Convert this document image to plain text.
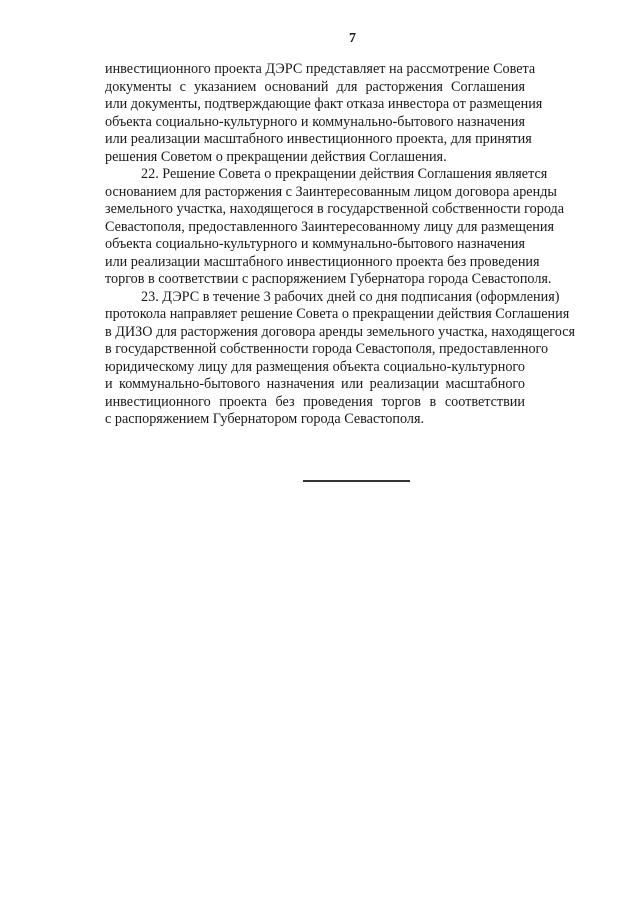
7
инвестиционного проекта ДЭРС представляет на рассмотрение Совета
документы с указанием оснований для расторжения Соглашения
или документы, подтверждающие факт отказа инвестора от размещения
объекта социально-культурного и коммунально-бытового назначения
или реализации масштабного инвестиционного проекта, для принятия
решения Советом о прекращении действия Соглашения.
22. Решение Совета о прекращении действия Соглашения является
основанием для расторжения с Заинтересованным лицом договора аренды
земельного участка, находящегося в государственной собственности города
Севастополя, предоставленного Заинтересованному лицу для размещения
объекта социально-культурного и коммунально-бытового назначения
или реализации масштабного инвестиционного проекта без проведения
торгов в соответствии с распоряжением Губернатора города Севастополя.
23. ДЭРС в течение 3 рабочих дней со дня подписания (оформления)
протокола направляет решение Совета о прекращении действия Соглашения
в ДИЗО для расторжения договора аренды земельного участка, находящегося
в государственной собственности города Севастополя, предоставленного
юридическому лицу для размещения объекта социально-культурного
и коммунально-бытового назначения или реализации масштабного
инвестиционного проекта без проведения торгов в соответствии
с распоряжением Губернатором города Севастополя.
